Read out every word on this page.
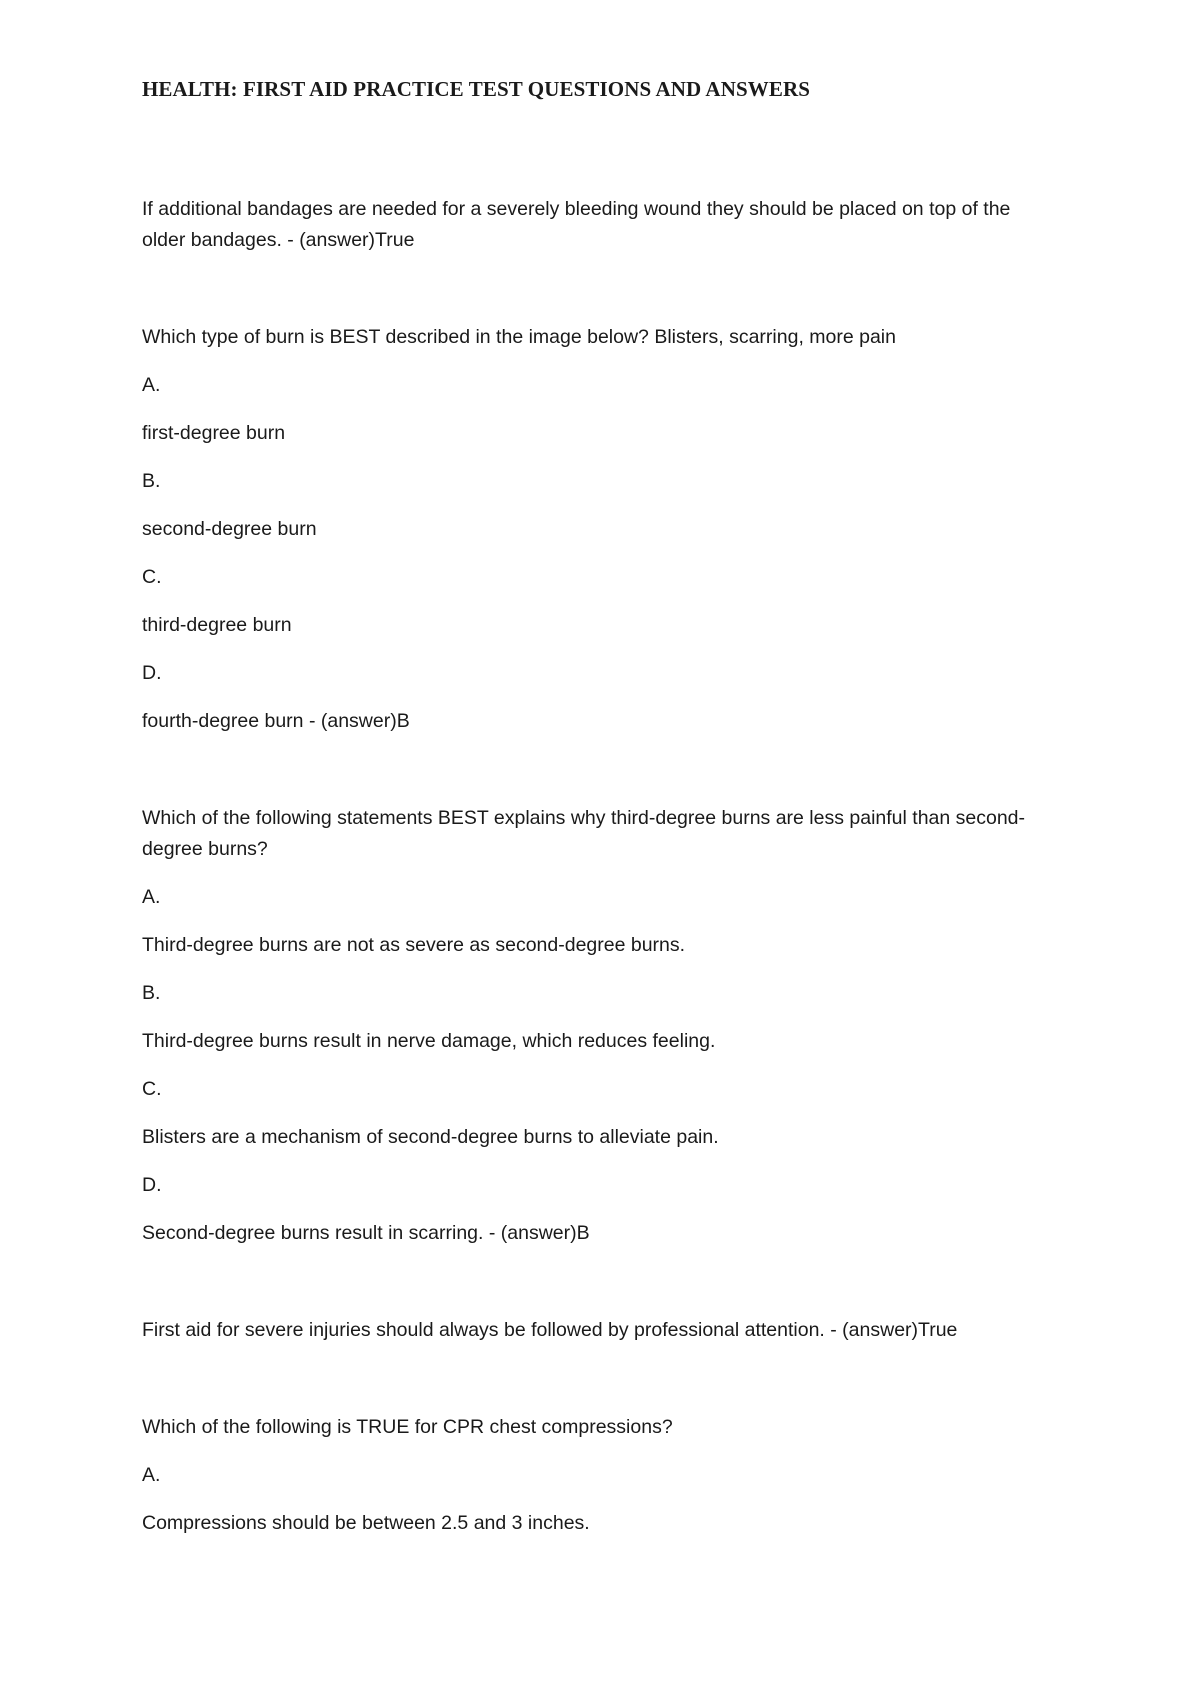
HEALTH: FIRST AID PRACTICE TEST QUESTIONS AND ANSWERS

If additional bandages are needed for a severely bleeding wound they should be placed on top of the older bandages. - (answer)True

Which type of burn is BEST described in the image below? Blisters, scarring, more pain

A.

first-degree burn

B.

second-degree burn

C.

third-degree burn

D.

fourth-degree burn - (answer)B

Which of the following statements BEST explains why third-degree burns are less painful than second-degree burns?

A.

Third-degree burns are not as severe as second-degree burns.

B.

Third-degree burns result in nerve damage, which reduces feeling.

C.

Blisters are a mechanism of second-degree burns to alleviate pain.

D.

Second-degree burns result in scarring. - (answer)B

First aid for severe injuries should always be followed by professional attention. - (answer)True

Which of the following is TRUE for CPR chest compressions?

A.

Compressions should be between 2.5 and 3 inches.
